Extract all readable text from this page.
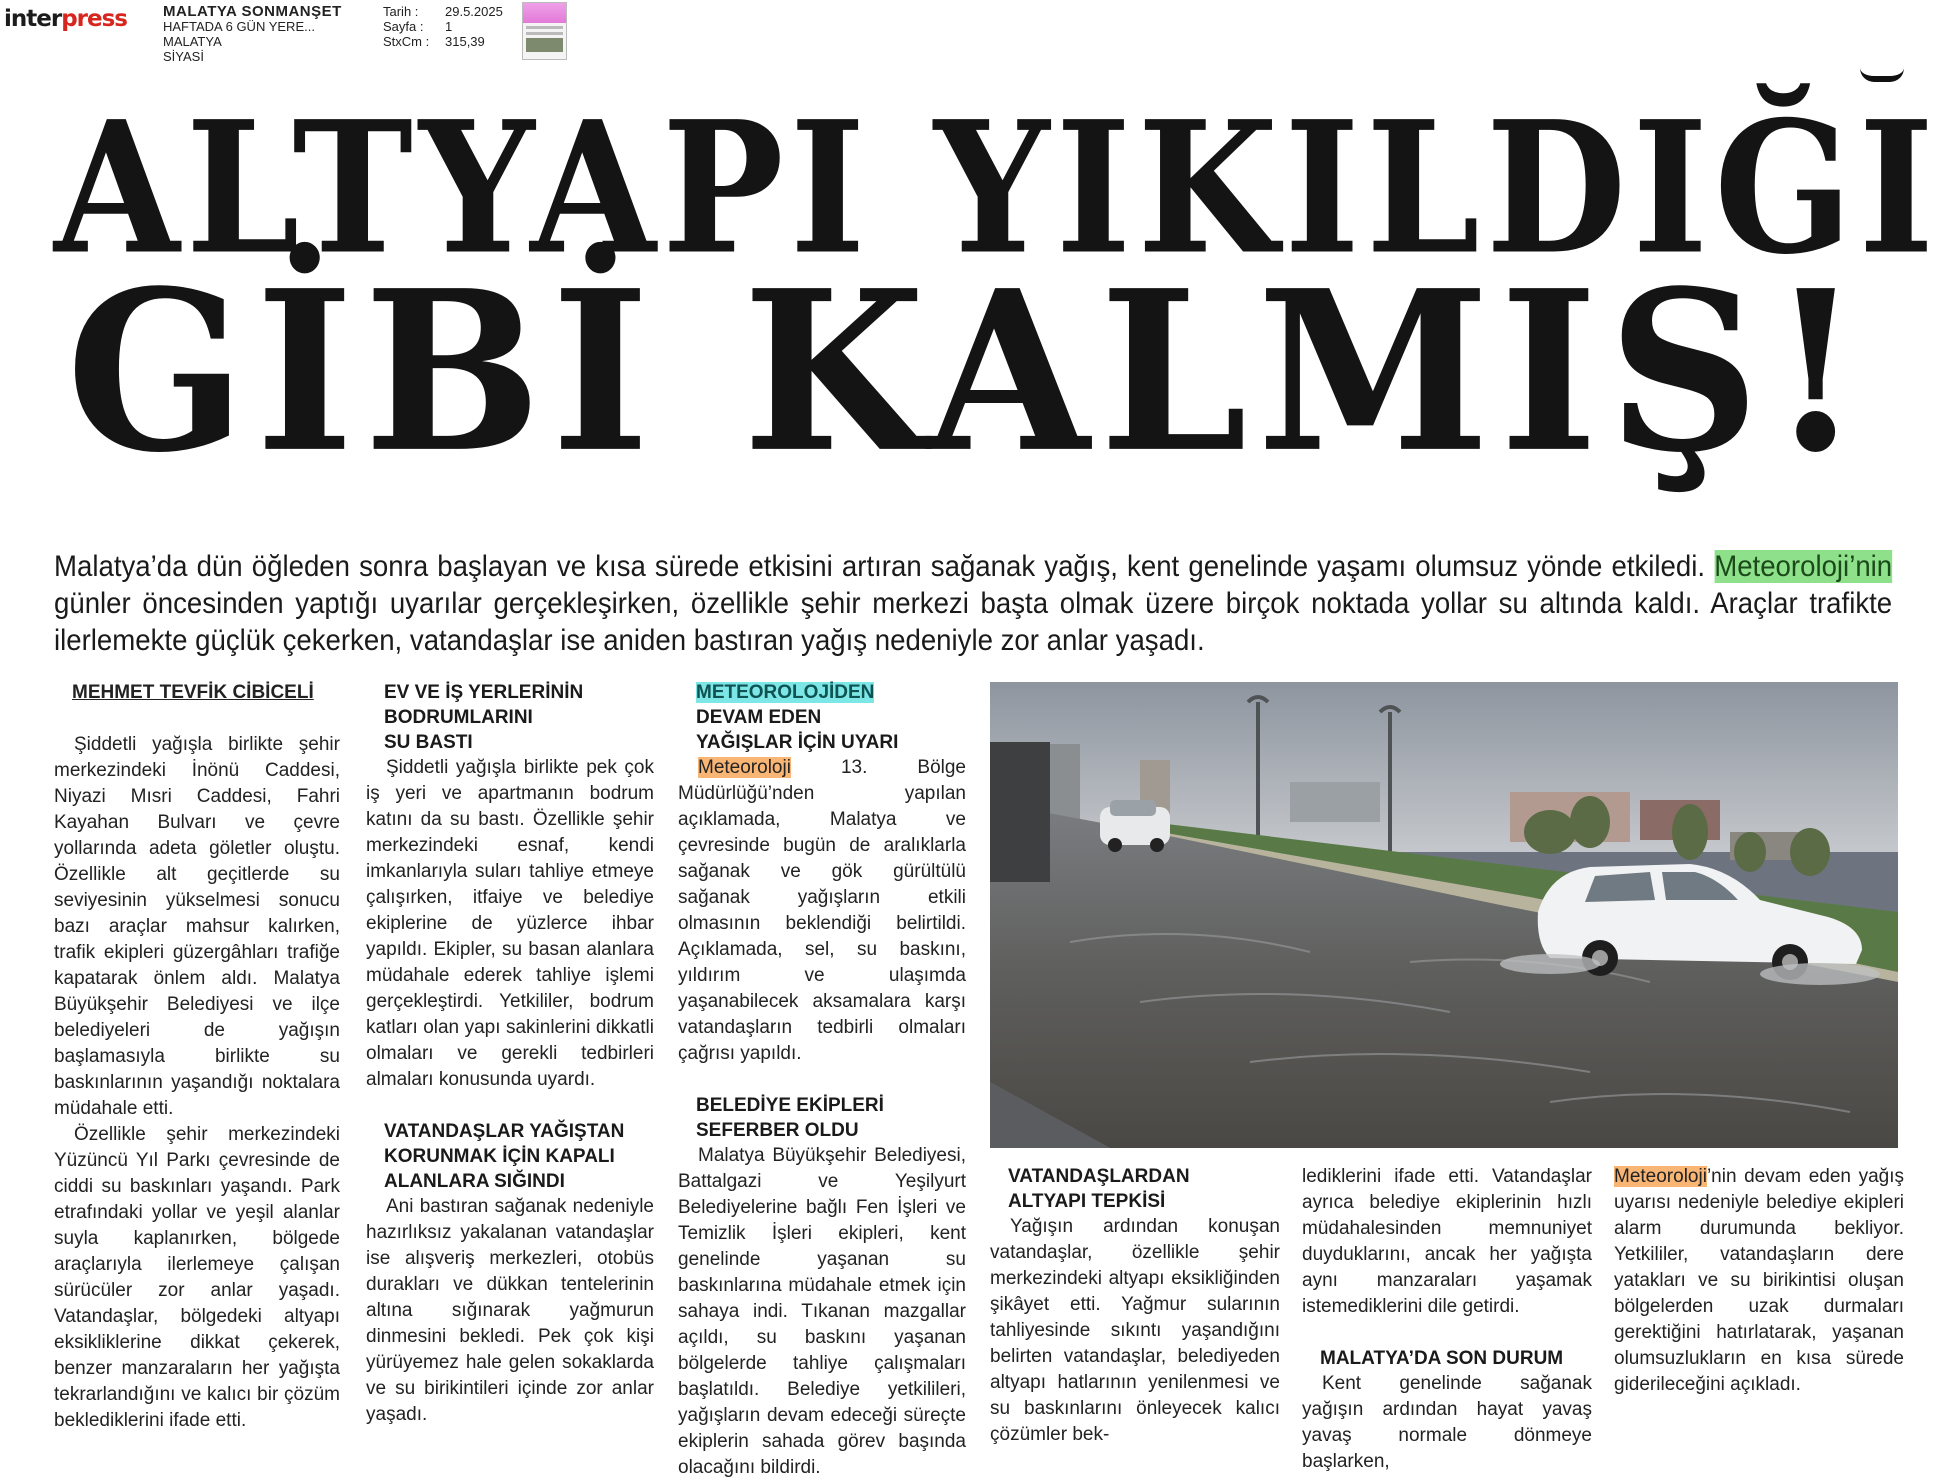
interpress MALATYA SONMANŞET
HAFTADA 6 GÜN YERE...
MALATYA
SİYASİ
Tarih :	29.5.2025
Sayfa :	1
StxCm :	315,39
ALTYAPI YIKILDIĞI
GİBİ KALMIŞ!
Malatya’da dün öğleden sonra başlayan ve kısa sürede etkisini artıran sağanak yağış, kent genelinde yaşamı olumsuz yönde etkiledi. Meteoroloji’nin günler öncesinden yaptığı uyarılar gerçekleşirken, özellikle şehir merkezi başta olmak üzere birçok noktada yollar su altında kaldı. Araçlar trafikte ilerlemekte güçlük çekerken, vatandaşlar ise aniden bastıran yağış nedeniyle zor anlar yaşadı.
MEHMET TEVFİK CİBİCELİ

Şiddetli yağışla birlikte şehir merkezindeki İnönü Caddesi, Niyazi Mısri Caddesi, Fahri Kayahan Bulvarı ve çevre yollarında adeta göletler oluştu. Özellikle alt geçitlerde su seviyesinin yükselmesi sonucu bazı araçlar mahsur kalırken, trafik ekipleri güzergâhları trafiğe kapatarak önlem aldı. Malatya Büyükşehir Belediyesi ve ilçe belediyeleri de yağışın başlamasıyla birlikte su baskınlarının yaşandığı noktalara müdahale etti.

Özellikle şehir merkezindeki Yüzüncü Yıl Parkı çevresinde de ciddi su baskınları yaşandı. Park etrafındaki yollar ve yeşil alanlar suyla kaplanırken, bölgede araçlarıyla ilerlemeye çalışan sürücüler zor anlar yaşadı. Vatandaşlar, bölgedeki altyapı eksikliklerine dikkat çekerek, benzer manzaraların her yağışta tekrarlandığını ve kalıcı bir çözüm beklediklerini ifade etti.

EV VE İŞ YERLERİNİN
BODRUMLARINI
SU BASTI

Şiddetli yağışla birlikte pek çok iş yeri ve apartmanın bodrum katını da su bastı. Özellikle şehir merkezindeki esnaf, kendi imkanlarıyla suları tahliye etmeye çalışırken, itfaiye ve belediye ekiplerine de yüzlerce ihbar yapıldı. Ekipler, su basan alanlara müdahale ederek tahliye işlemi gerçekleştirdi. Yetkililer, bodrum katları olan yapı sakinlerini dikkatli olmaları ve gerekli tedbirleri almaları konusunda uyardı.

VATANDAŞLAR YAĞIŞTAN
KORUNMAK İÇİN KAPALI
ALANLARA SIĞINDI

Ani bastıran sağanak nedeniyle hazırlıksız yakalanan vatandaşlar ise alışveriş merkezleri, otobüs durakları ve dükkan tentelerinin altına sığınarak yağmurun dinmesini bekledi. Pek çok kişi yürüyemez hale gelen sokaklarda ve su birikintileri içinde zor anlar yaşadı.

METEOROLOJİDEN
DEVAM EDEN
YAĞIŞLAR İÇİN UYARI

Meteoroloji 13. Bölge Müdürlüğü’nden yapılan açıklamada, Malatya ve çevresinde bugün de aralıklarla sağanak ve gök gürültülü sağanak yağışların etkili olmasının beklendiği belirtildi. Açıklamada, sel, su baskını, yıldırım ve ulaşımda yaşanabilecek aksamalara karşı vatandaşların tedbirli olmaları çağrısı yapıldı.

BELEDİYE EKİPLERİ
SEFERBER OLDU

Malatya Büyükşehir Belediyesi, Battalgazi ve Yeşilyurt Belediyelerine bağlı Fen İşleri ve Temizlik İşleri ekipleri, kent genelinde yaşanan su baskınlarına müdahale etmek için sahaya indi. Tıkanan mazgallar açıldı, su baskını yaşanan bölgelerde tahliye çalışmaları başlatıldı. Belediye yetkilileri, yağışların devam edeceği süreçte ekiplerin sahada görev başında olacağını bildirdi.

VATANDAŞLARDAN
ALTYAPI TEPKİSİ

Yağışın ardından konuşan vatandaşlar, özellikle şehir merkezindeki altyapı eksikliğinden şikâyet etti. Yağmur sularının tahliyesinde sıkıntı yaşandığını belirten vatandaşlar, belediyeden altyapı hatlarının yenilenmesi ve su baskınlarını önleyecek kalıcı çözümler bek-

lediklerini ifade etti. Vatandaşlar ayrıca belediye ekiplerinin hızlı müdahalesinden memnuniyet duyduklarını, ancak her yağışta aynı manzaraları yaşamak istemediklerini dile getirdi.

MALATYA’DA SON DURUM

Kent genelinde sağanak yağışın ardından hayat yavaş yavaş normale dönmeye başlarken,

Meteoroloji’nin devam eden yağış uyarısı nedeniyle belediye ekipleri alarm durumunda bekliyor. Yetkililer, vatandaşların dere yatakları ve su birikintisi oluşan bölgelerden uzak durmaları gerektiğini hatırlatarak, yaşanan olumsuzlukların en kısa sürede giderileceğini açıkladı.
